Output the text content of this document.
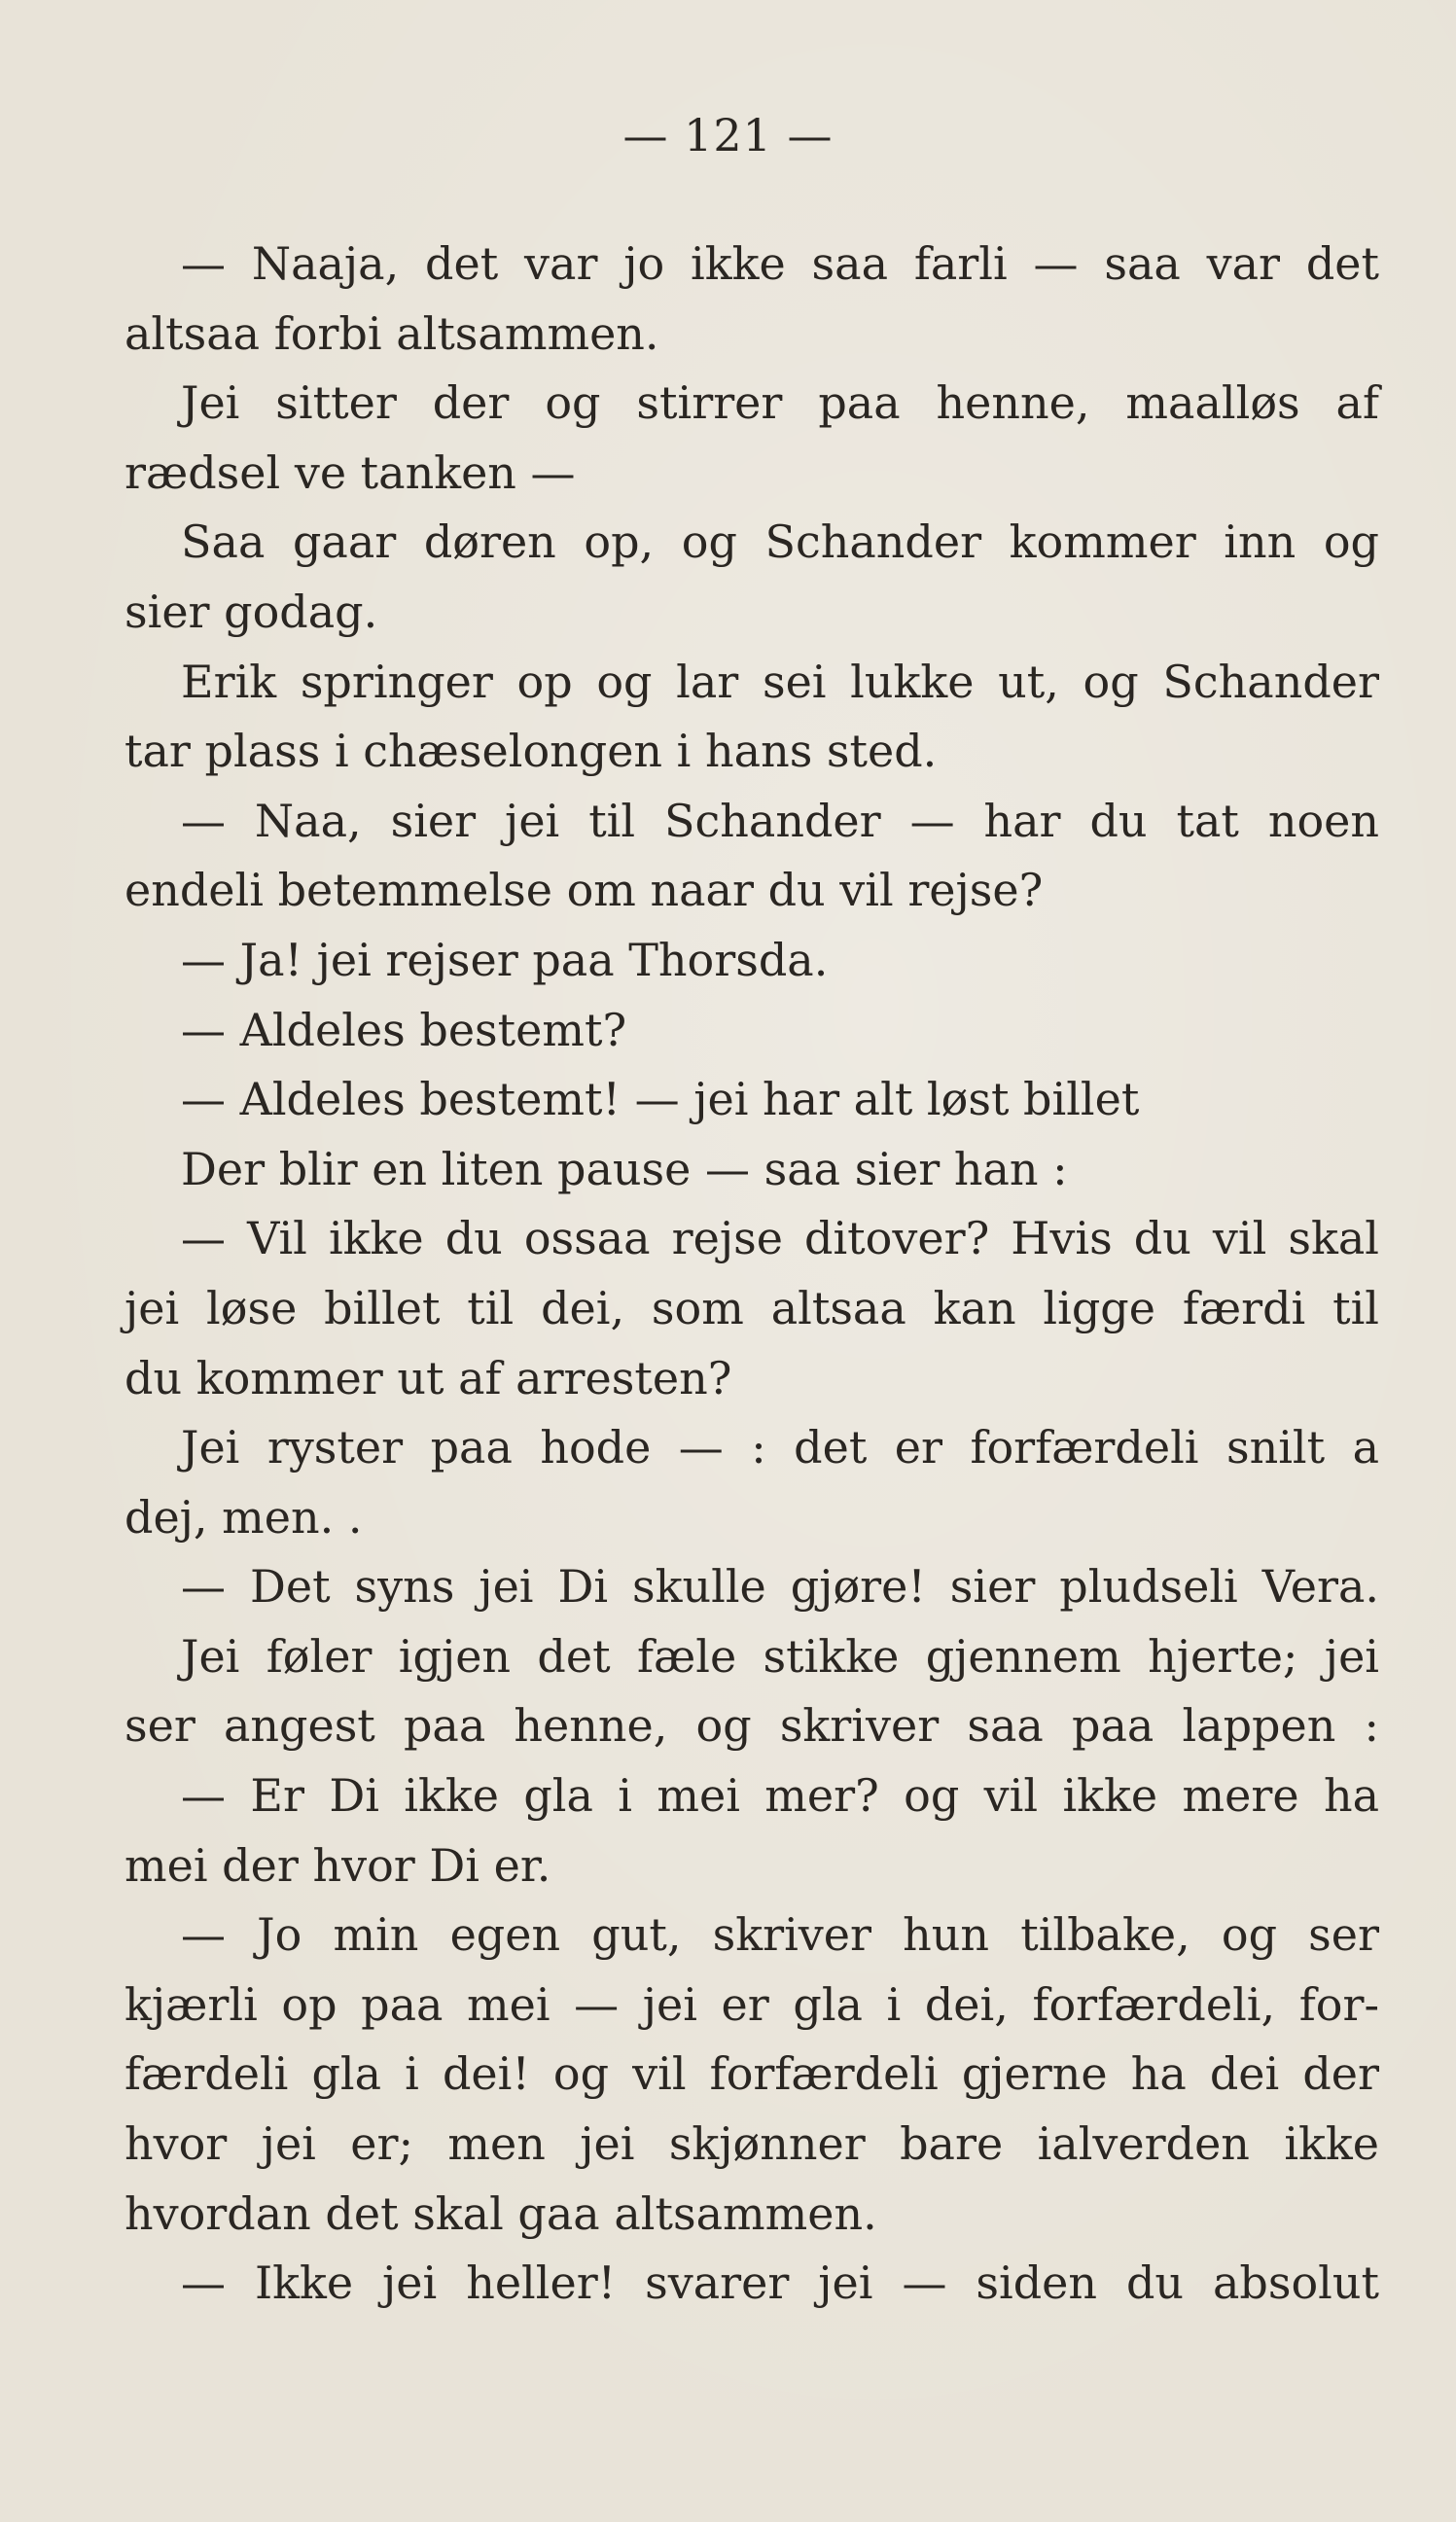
— 121 —
— Naaja, det var jo ikke saa farli — saa var det
altsaa forbi altsammen.
Jei sitter der og stirrer paa henne, maalløs af
rædsel ve tanken —
Saa gaar døren op, og Schander kommer inn og
sier godag.
Erik springer op og lar sei lukke ut, og Schander
tar plass i chæselongen i hans sted.
— Naa, sier jei til Schander — har du tat noen
endeli betemmelse om naar du vil rejse?
— Ja! jei rejser paa Thorsda.
— Aldeles bestemt?
— Aldeles bestemt! — jei har alt løst billet
Der blir en liten pause — saa sier han :
— Vil ikke du ossaa rejse ditover? Hvis du vil skal
jei løse billet til dei, som altsaa kan ligge færdi til
du kommer ut af arresten?
Jei ryster paa hode — : det er forfærdeli snilt a
dej, men. .
— Det syns jei Di skulle gjøre! sier pludseli Vera.
Jei føler igjen det fæle stikke gjennem hjerte; jei
ser angest paa henne, og skriver saa paa lappen :
— Er Di ikke gla i mei mer? og vil ikke mere ha
mei der hvor Di er.
— Jo min egen gut, skriver hun tilbake, og ser
kjærli op paa mei — jei er gla i dei, forfærdeli, for-
færdeli gla i dei! og vil forfærdeli gjerne ha dei der
hvor jei er; men jei skjønner bare ialverden ikke
hvordan det skal gaa altsammen.
— Ikke jei heller! svarer jei — siden du absolut
